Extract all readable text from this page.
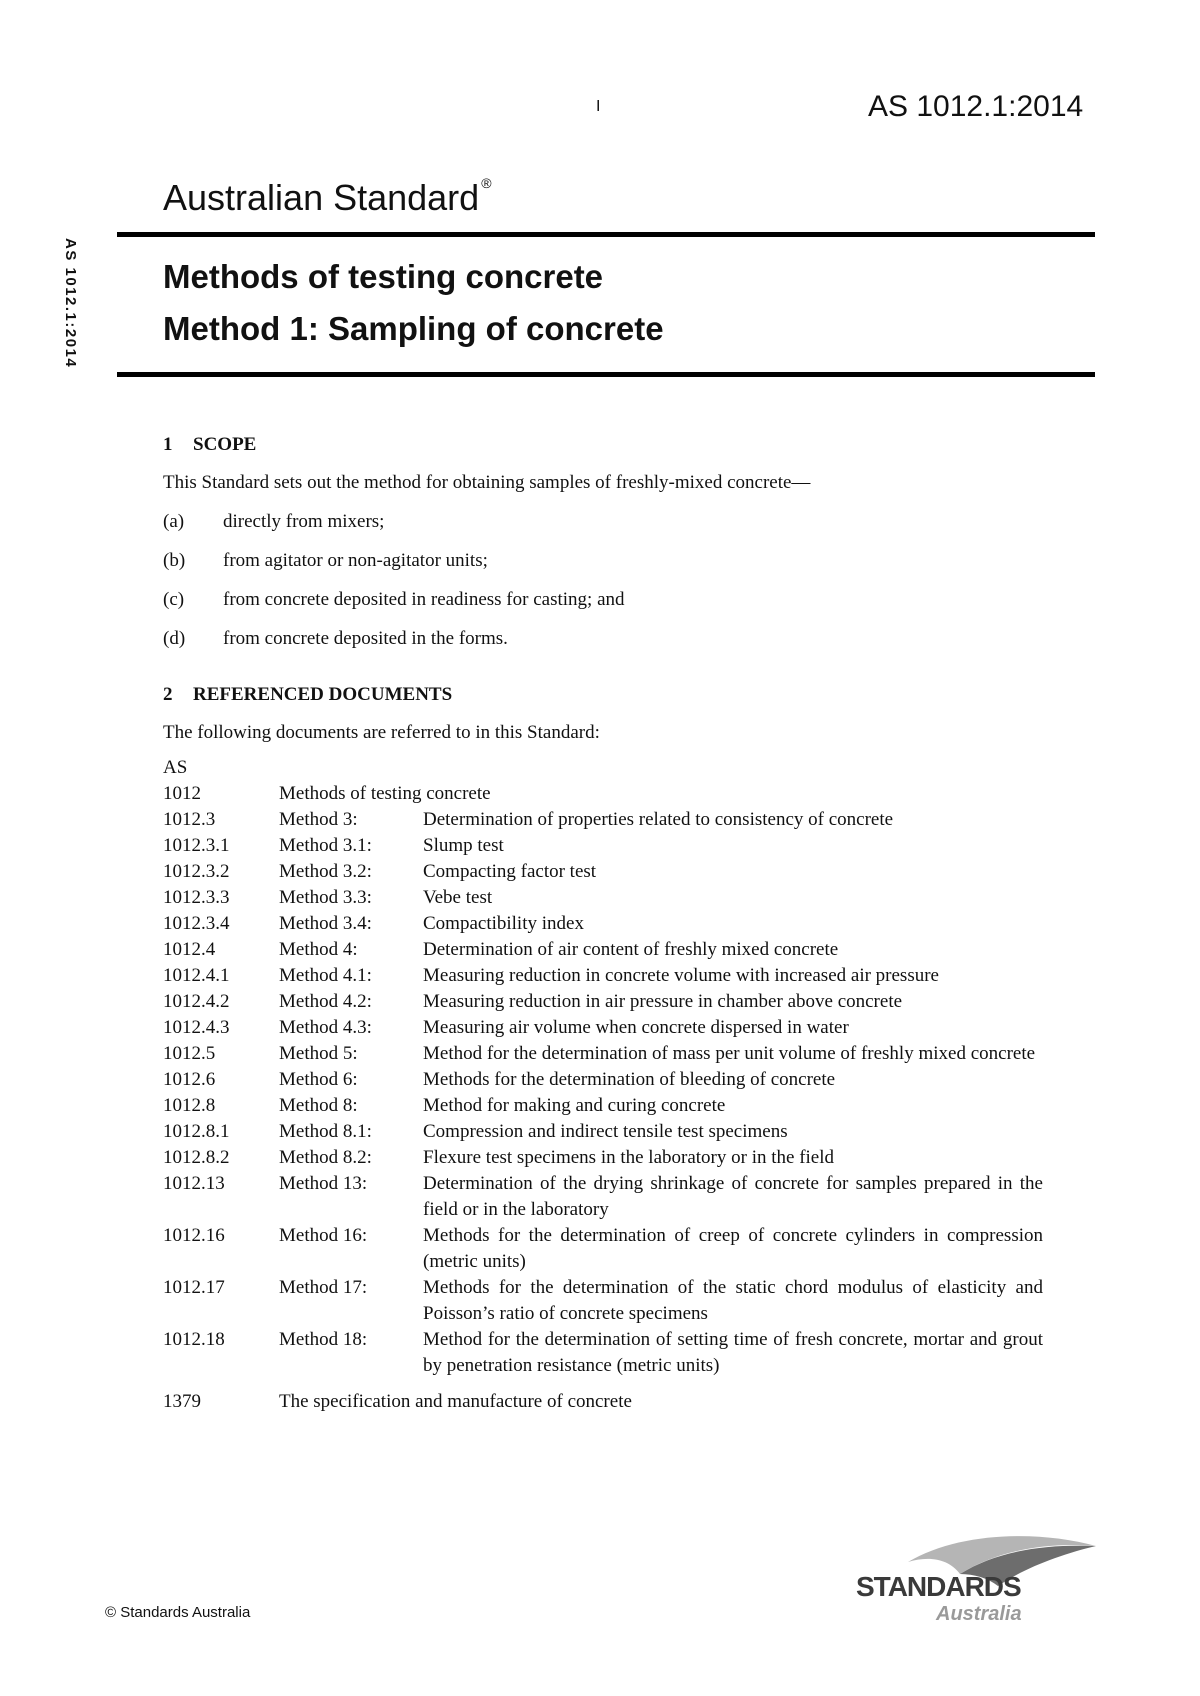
I	AS 1012.1:2014
AS 1012.1:2014
Australian Standard ®
Methods of testing concrete
Method 1: Sampling of concrete
1 SCOPE
This Standard sets out the method for obtaining samples of freshly-mixed concrete—
(a) directly from mixers;
(b) from agitator or non-agitator units;
(c) from concrete deposited in readiness for casting; and
(d) from concrete deposited in the forms.
2 REFERENCED DOCUMENTS
The following documents are referred to in this Standard:
AS
1012	Methods of testing concrete
1012.3	Method 3:	Determination of properties related to consistency of concrete
1012.3.1	Method 3.1:	Slump test
1012.3.2	Method 3.2:	Compacting factor test
1012.3.3	Method 3.3:	Vebe test
1012.3.4	Method 3.4:	Compactibility index
1012.4	Method 4:	Determination of air content of freshly mixed concrete
1012.4.1	Method 4.1:	Measuring reduction in concrete volume with increased air pressure
1012.4.2	Method 4.2:	Measuring reduction in air pressure in chamber above concrete
1012.4.3	Method 4.3:	Measuring air volume when concrete dispersed in water
1012.5	Method 5:	Method for the determination of mass per unit volume of freshly mixed concrete
1012.6	Method 6:	Methods for the determination of bleeding of concrete
1012.8	Method 8:	Method for making and curing concrete
1012.8.1	Method 8.1:	Compression and indirect tensile test specimens
1012.8.2	Method 8.2:	Flexure test specimens in the laboratory or in the field
1012.13	Method 13:	Determination of the drying shrinkage of concrete for samples prepared in the field or in the laboratory
1012.16	Method 16:	Methods for the determination of creep of concrete cylinders in compression (metric units)
1012.17	Method 17:	Methods for the determination of the static chord modulus of elasticity and Poisson’s ratio of concrete specimens
1012.18	Method 18:	Method for the determination of setting time of fresh concrete, mortar and grout by penetration resistance (metric units)
1379	The specification and manufacture of concrete
© Standards Australia
STANDARDS
Australia
